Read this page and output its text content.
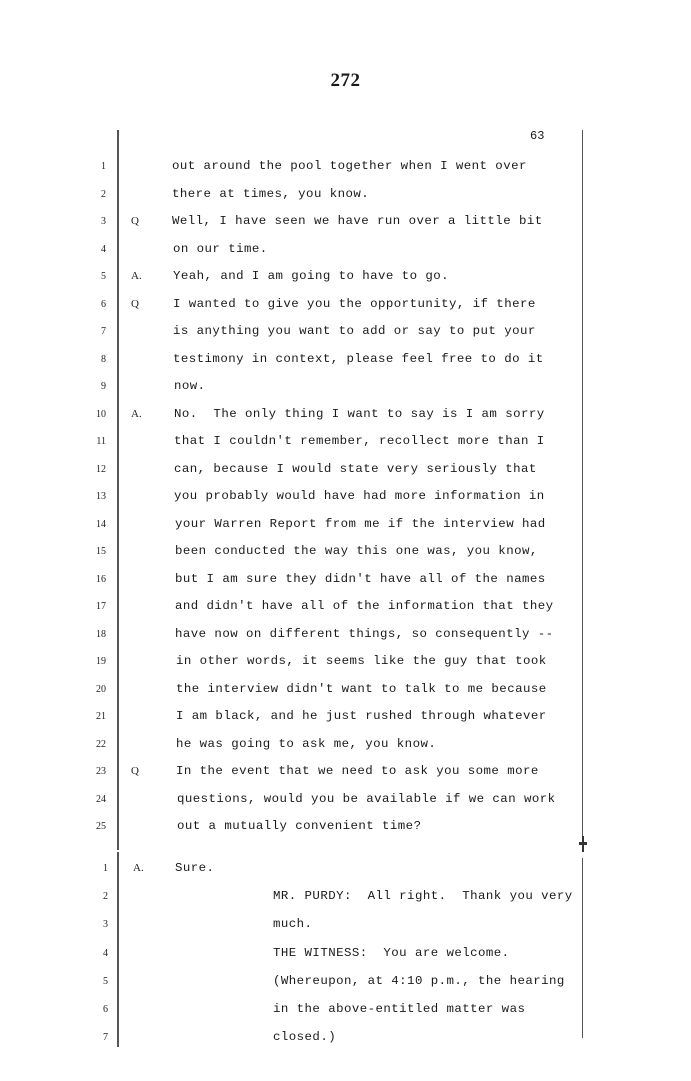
272
63
1	out around the pool together when I went over
2	there at times, you know.
3 Q	Well, I have seen we have run over a little bit
4	on our time.
5 A.	Yeah, and I am going to have to go.
6 Q	I wanted to give you the opportunity, if there
7	is anything you want to add or say to put your
8	testimony in context, please feel free to do it
9	now.
10 A.	No.  The only thing I want to say is I am sorry
11	that I couldn't remember, recollect more than I
12	can, because I would state very seriously that
13	you probably would have had more information in
14	your Warren Report from me if the interview had
15	been conducted the way this one was, you know,
16	but I am sure they didn't have all of the names
17	and didn't have all of the information that they
18	have now on different things, so consequently --
19	in other words, it seems like the guy that took
20	the interview didn't want to talk to me because
21	I am black, and he just rushed through whatever
22	he was going to ask me, you know.
23 Q	In the event that we need to ask you some more
24	questions, would you be available if we can work
25	out a mutually convenient time?
1 A.	Sure.
2	MR. PURDY:  All right.  Thank you very
3	much.
4	THE WITNESS:  You are welcome.
5	(Whereupon, at 4:10 p.m., the hearing
6	in the above-entitled matter was
7	closed.)
